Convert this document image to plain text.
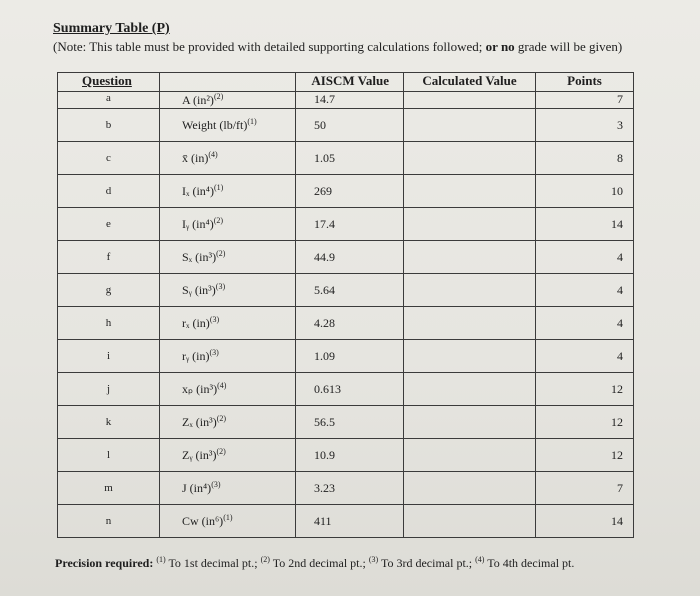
Summary Table (P)
(Note: This table must be provided with detailed supporting calculations followed; or no grade will be given)
Question		AISCM Value	Calculated Value	Points
a	A $(in^2)^{(2)}$	14.7		7
b	Weight $(lb/ft)^{(1)}$	50		3
c	x̄ (in)$^{(4)}$	1.05		8
d	Iₓ $(in^4)^{(1)}$	269		10
e	Iᵧ $(in^4)^{(2)}$	17.4		14
f	Sₓ $(in^3)^{(2)}$	44.9		4
g	Sᵧ $(in^3)^{(3)}$	5.64		4
h	rₓ (in)$^{(3)}$	4.28		4
i	rᵧ (in)$^{(3)}$	1.09		4
j	xₚ $(in^3)^{(4)}$	0.613		12
k	Zₓ $(in^3)^{(2)}$	56.5		12
l	Zᵧ $(in^3)^{(2)}$	10.9		12
m	J $(in^4)^{(3)}$	3.23		7
n	Cw $(in^6)^{(1)}$	411		14
Precision required: $^{(1)}$ To 1st decimal pt.; $^{(2)}$ To 2nd decimal pt.; $^{(3)}$ To 3rd decimal pt.; $^{(4)}$ To 4th decimal pt.
